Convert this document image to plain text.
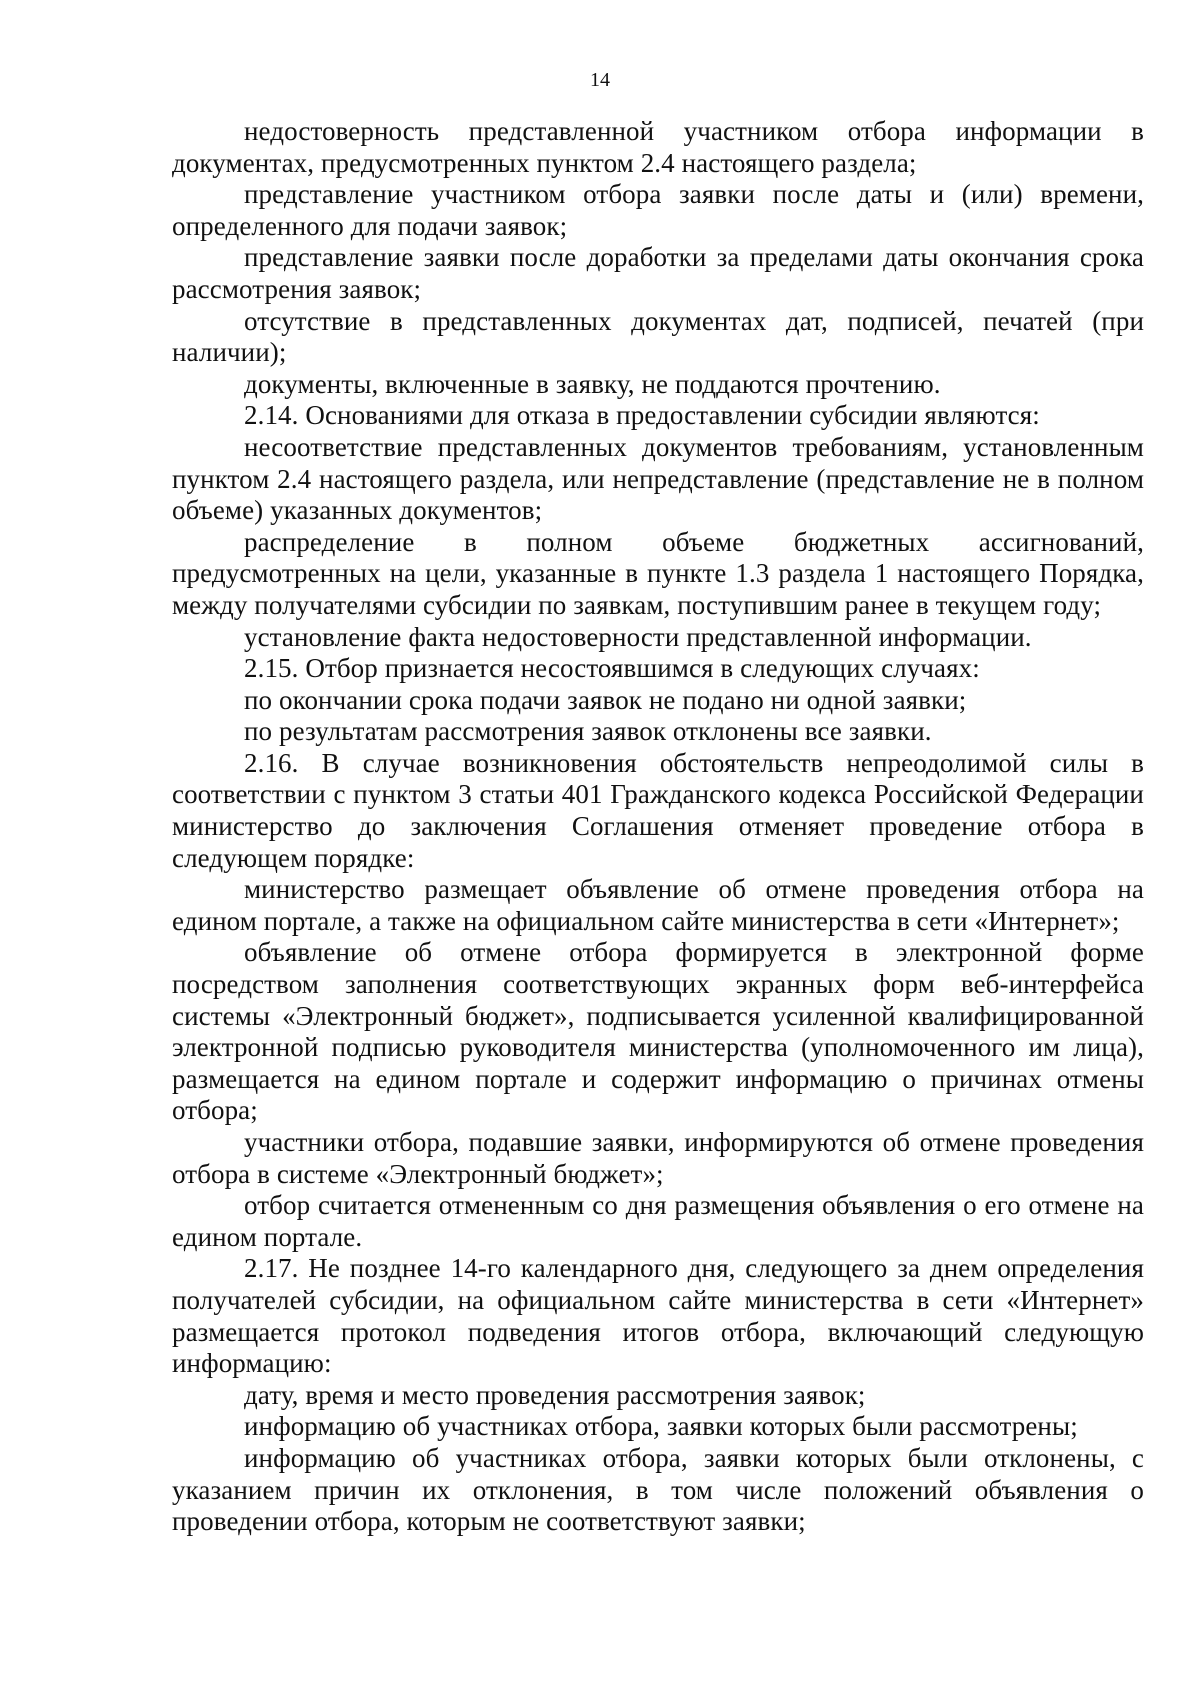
14

недостоверность представленной участником отбора информации в документах, предусмотренных пунктом 2.4 настоящего раздела;

представление участником отбора заявки после даты и (или) времени, определенного для подачи заявок;

представление заявки после доработки за пределами даты окончания срока рассмотрения заявок;

отсутствие в представленных документах дат, подписей, печатей (при наличии);

документы, включенные в заявку, не поддаются прочтению.

2.14. Основаниями для отказа в предоставлении субсидии являются:

несоответствие представленных документов требованиям, установленным пунктом 2.4 настоящего раздела, или непредставление (представление не в полном объеме) указанных документов;

распределение в полном объеме бюджетных ассигнований, предусмотренных на цели, указанные в пункте 1.3 раздела 1 настоящего Порядка, между получателями субсидии по заявкам, поступившим ранее в текущем году;

установление факта недостоверности представленной информации.

2.15. Отбор признается несостоявшимся в следующих случаях:

по окончании срока подачи заявок не подано ни одной заявки;

по результатам рассмотрения заявок отклонены все заявки.

2.16. В случае возникновения обстоятельств непреодолимой силы в соответствии с пунктом 3 статьи 401 Гражданского кодекса Российской Федерации министерство до заключения Соглашения отменяет проведение отбора в следующем порядке:

министерство размещает объявление об отмене проведения отбора на едином портале, а также на официальном сайте министерства в сети «Интернет»;

объявление об отмене отбора формируется в электронной форме посредством заполнения соответствующих экранных форм веб-интерфейса системы «Электронный бюджет», подписывается усиленной квалифицированной электронной подписью руководителя министерства (уполномоченного им лица), размещается на едином портале и содержит информацию о причинах отмены отбора;

участники отбора, подавшие заявки, информируются об отмене проведения отбора в системе «Электронный бюджет»;

отбор считается отмененным со дня размещения объявления о его отмене на едином портале.

2.17. Не позднее 14-го календарного дня, следующего за днем определения получателей субсидии, на официальном сайте министерства в сети «Интернет» размещается протокол подведения итогов отбора, включающий следующую информацию:

дату, время и место проведения рассмотрения заявок;

информацию об участниках отбора, заявки которых были рассмотрены;

информацию об участниках отбора, заявки которых были отклонены, с указанием причин их отклонения, в том числе положений объявления о проведении отбора, которым не соответствуют заявки;
